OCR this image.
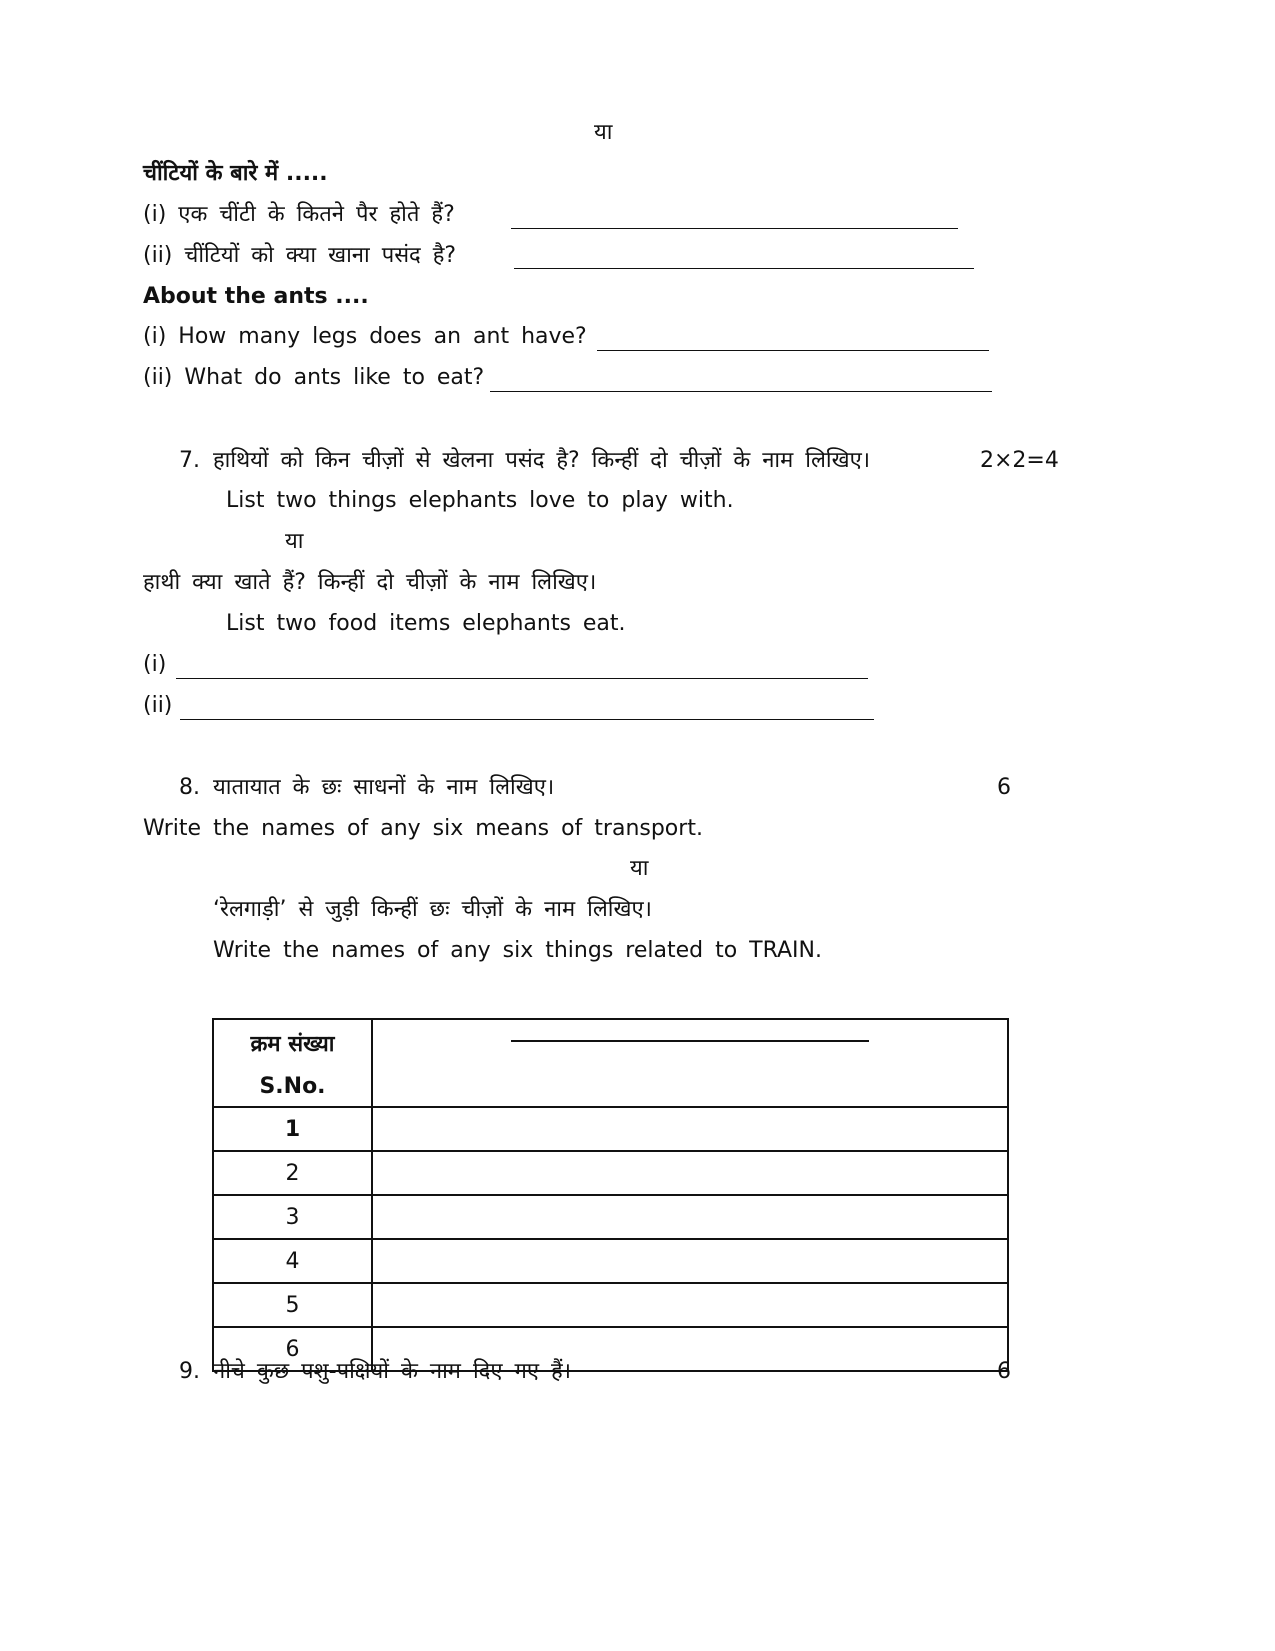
या
चींटियों के बारे में .....
(i) एक चींटी के कितने पैर होते हैं?
(ii) चींटियों को क्या खाना पसंद है?
About the ants ....
(i) How many legs does an ant have?
(ii) What do ants like to eat?
7. हाथियों को किन चीज़ों से खेलना पसंद है? किन्हीं दो चीज़ों के नाम लिखिए।	2×2=4
List two things elephants love to play with.
या
हाथी क्या खाते हैं? किन्हीं दो चीज़ों के नाम लिखिए।
List two food items elephants eat.
(i)
(ii)
8. यातायात के छः साधनों के नाम लिखिए।	6
Write the names of any six means of transport.
या
‘रेलगाड़ी’ से जुड़ी किन्हीं छः चीज़ों के नाम लिखिए।
Write the names of any six things related to TRAIN.
क्रम संख्या
S.No.	

1	
2	
3	
4	
5	
6	
9. नीचे कुछ पशु-पक्षियों के नाम दिए गए हैं।	6
